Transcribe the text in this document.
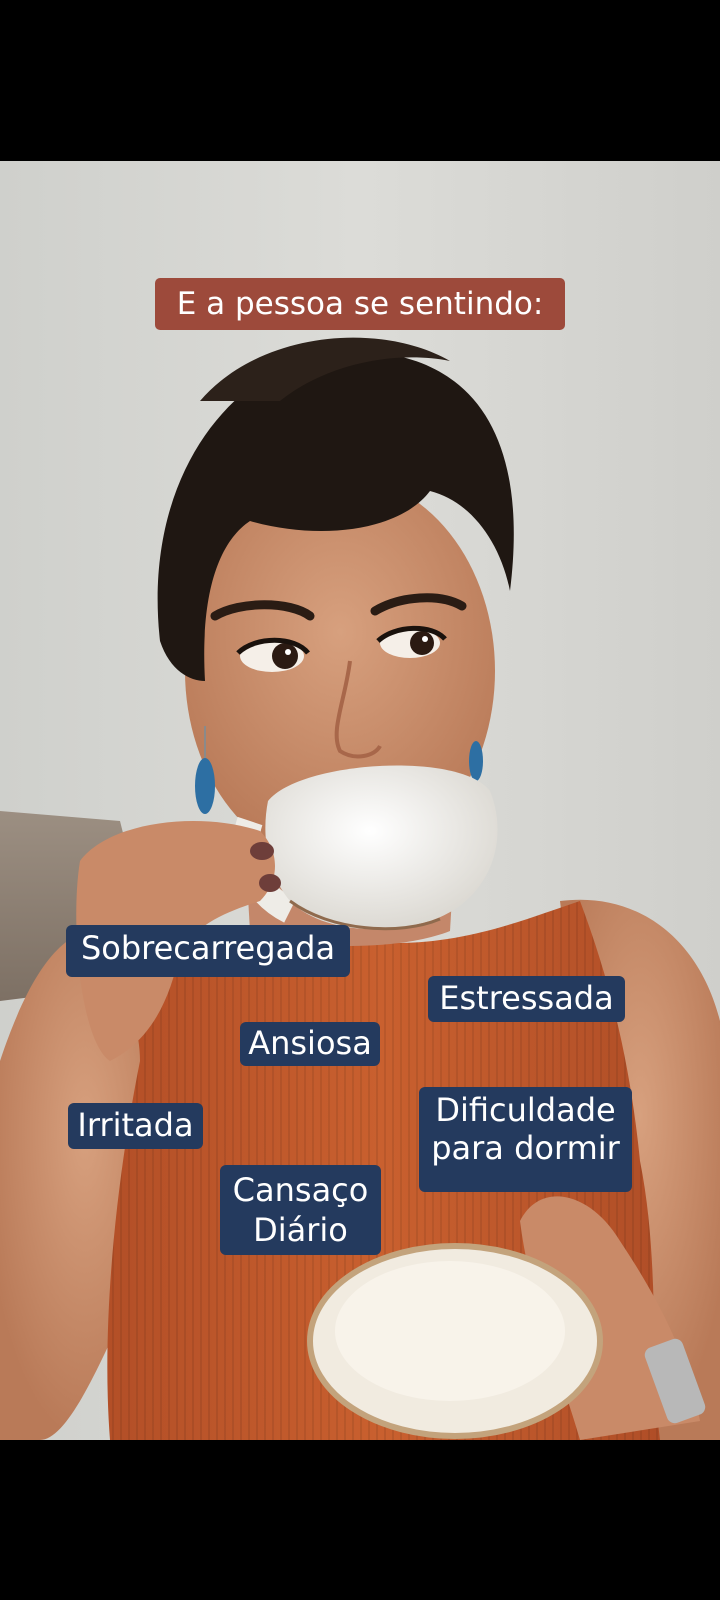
E a pessoa se sentindo:
Sobrecarregada
Estressada
Ansiosa
Irritada	Dificuldade
para dormir
Cansaço
Diário
